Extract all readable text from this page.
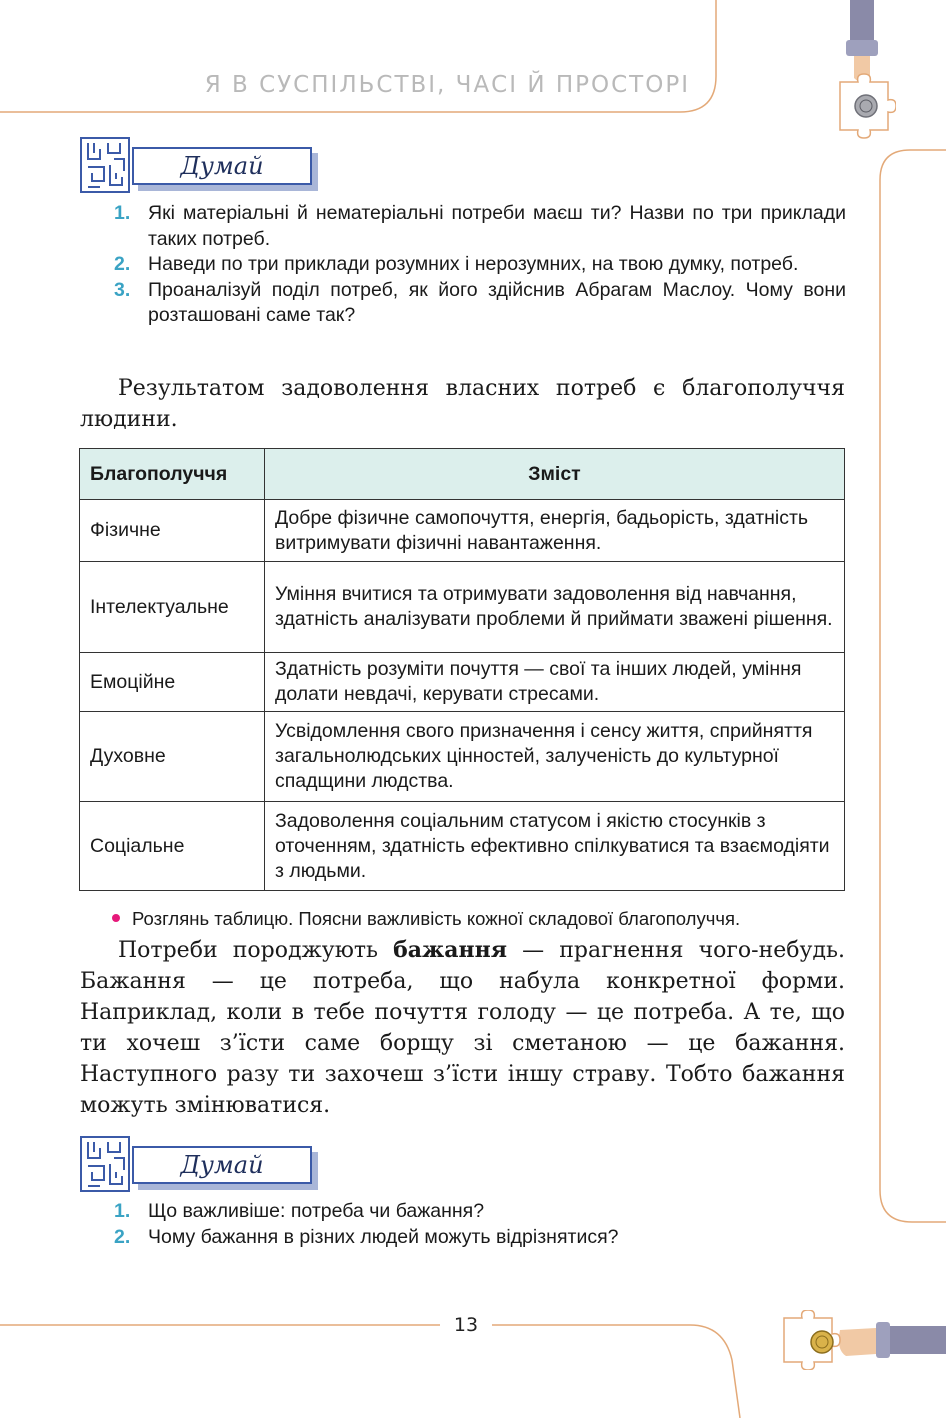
Я В СУСПІЛЬСТВІ, ЧАСІ Й ПРОСТОРІ
Думай
1. Які матеріальні й нематеріальні потреби маєш ти? Назви по три приклади таких потреб.
2. Наведи по три приклади розумних і нерозумних, на твою думку, потреб.
3. Проаналізуй поділ потреб, як його здійснив Абрагам Маслоу. Чому вони розташовані саме так?

Результатом задоволення власних потреб є благополуччя людини.

Благополуччя	Зміст
Фізичне	Добре фізичне самопочуття, енергія, бадьорість, здатність витримувати фізичні навантаження.
Інтелектуальне	Уміння вчитися та отримувати задоволення від навчання, здатність аналізувати проблеми й приймати зважені рішення.
Емоційне	Здатність розуміти почуття — свої та інших людей, уміння долати невдачі, керувати стресами.
Духовне	Усвідомлення свого призначення і сенсу життя, сприйняття загальнолюдських цінностей, залученість до культурної спадщини людства.
Соціальне	Задоволення соціальним статусом і якістю стосунків з оточенням, здатність ефективно спілкуватися та взаємодіяти з людьми.
Розглянь таблицю. Поясни важливість кожної складової благополуччя.

Потреби породжують бажання — прагнення чого-небудь. Бажання — це потреба, що набула конкретної форми. Наприклад, коли в тебе почуття голоду — це потреба. А те, що ти хочеш з’їсти саме борщу зі сметаною — це бажання. Наступного разу ти захочеш з’їсти іншу страву. Тобто бажання можуть змінюватися.

Думай
1. Що важливіше: потреба чи бажання?
2. Чому бажання в різних людей можуть відрізнятися?
13
